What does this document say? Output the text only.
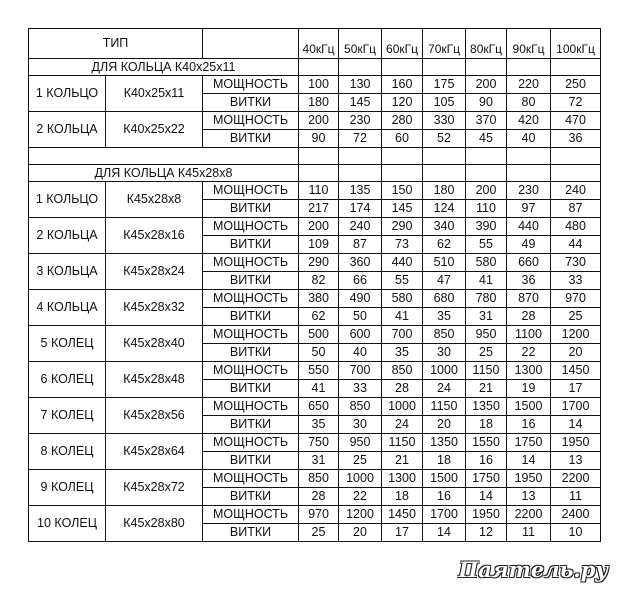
ТИП			40кГц	50кГц	60кГц	70кГц	80кГц	90кГц	100кГц
ДЛЯ КОЛЬЦА К40х25х11									
1 КОЛЬЦО	К40х25х11	МОЩНОСТЬ	100	130	160	175	200	220	250
		ВИТКИ	180	145	120	105	90	80	72
2 КОЛЬЦА	К40х25х22	МОЩНОСТЬ	200	230	280	330	370	420	470
		ВИТКИ	90	72	60	52	45	40	36

ДЛЯ КОЛЬЦА К45х28х8									
1 КОЛЬЦО	К45х28х8	МОЩНОСТЬ	110	135	150	180	200	230	240
		ВИТКИ	217	174	145	124	110	97	87
2 КОЛЬЦА	К45х28х16	МОЩНОСТЬ	200	240	290	340	390	440	480
		ВИТКИ	109	87	73	62	55	49	44
3 КОЛЬЦА	К45х28х24	МОЩНОСТЬ	290	360	440	510	580	660	730
		ВИТКИ	82	66	55	47	41	36	33
4 КОЛЬЦА	К45х28х32	МОЩНОСТЬ	380	490	580	680	780	870	970
		ВИТКИ	62	50	41	35	31	28	25
5 КОЛЕЦ	К45х28х40	МОЩНОСТЬ	500	600	700	850	950	1100	1200
		ВИТКИ	50	40	35	30	25	22	20
6 КОЛЕЦ	К45х28х48	МОЩНОСТЬ	550	700	850	1000	1150	1300	1450
		ВИТКИ	41	33	28	24	21	19	17
7 КОЛЕЦ	К45х28х56	МОЩНОСТЬ	650	850	1000	1150	1350	1500	1700
		ВИТКИ	35	30	24	20	18	16	14
8 КОЛЕЦ	К45х28х64	МОЩНОСТЬ	750	950	1150	1350	1550	1750	1950
		ВИТКИ	31	25	21	18	16	14	13
9 КОЛЕЦ	К45х28х72	МОЩНОСТЬ	850	1000	1300	1500	1750	1950	2200
		ВИТКИ	28	22	18	16	14	13	11
10 КОЛЕЦ	К45х28х80	МОЩНОСТЬ	970	1200	1450	1700	1950	2200	2400
		ВИТКИ	25	20	17	14	12	11	10
Паятель.ру
